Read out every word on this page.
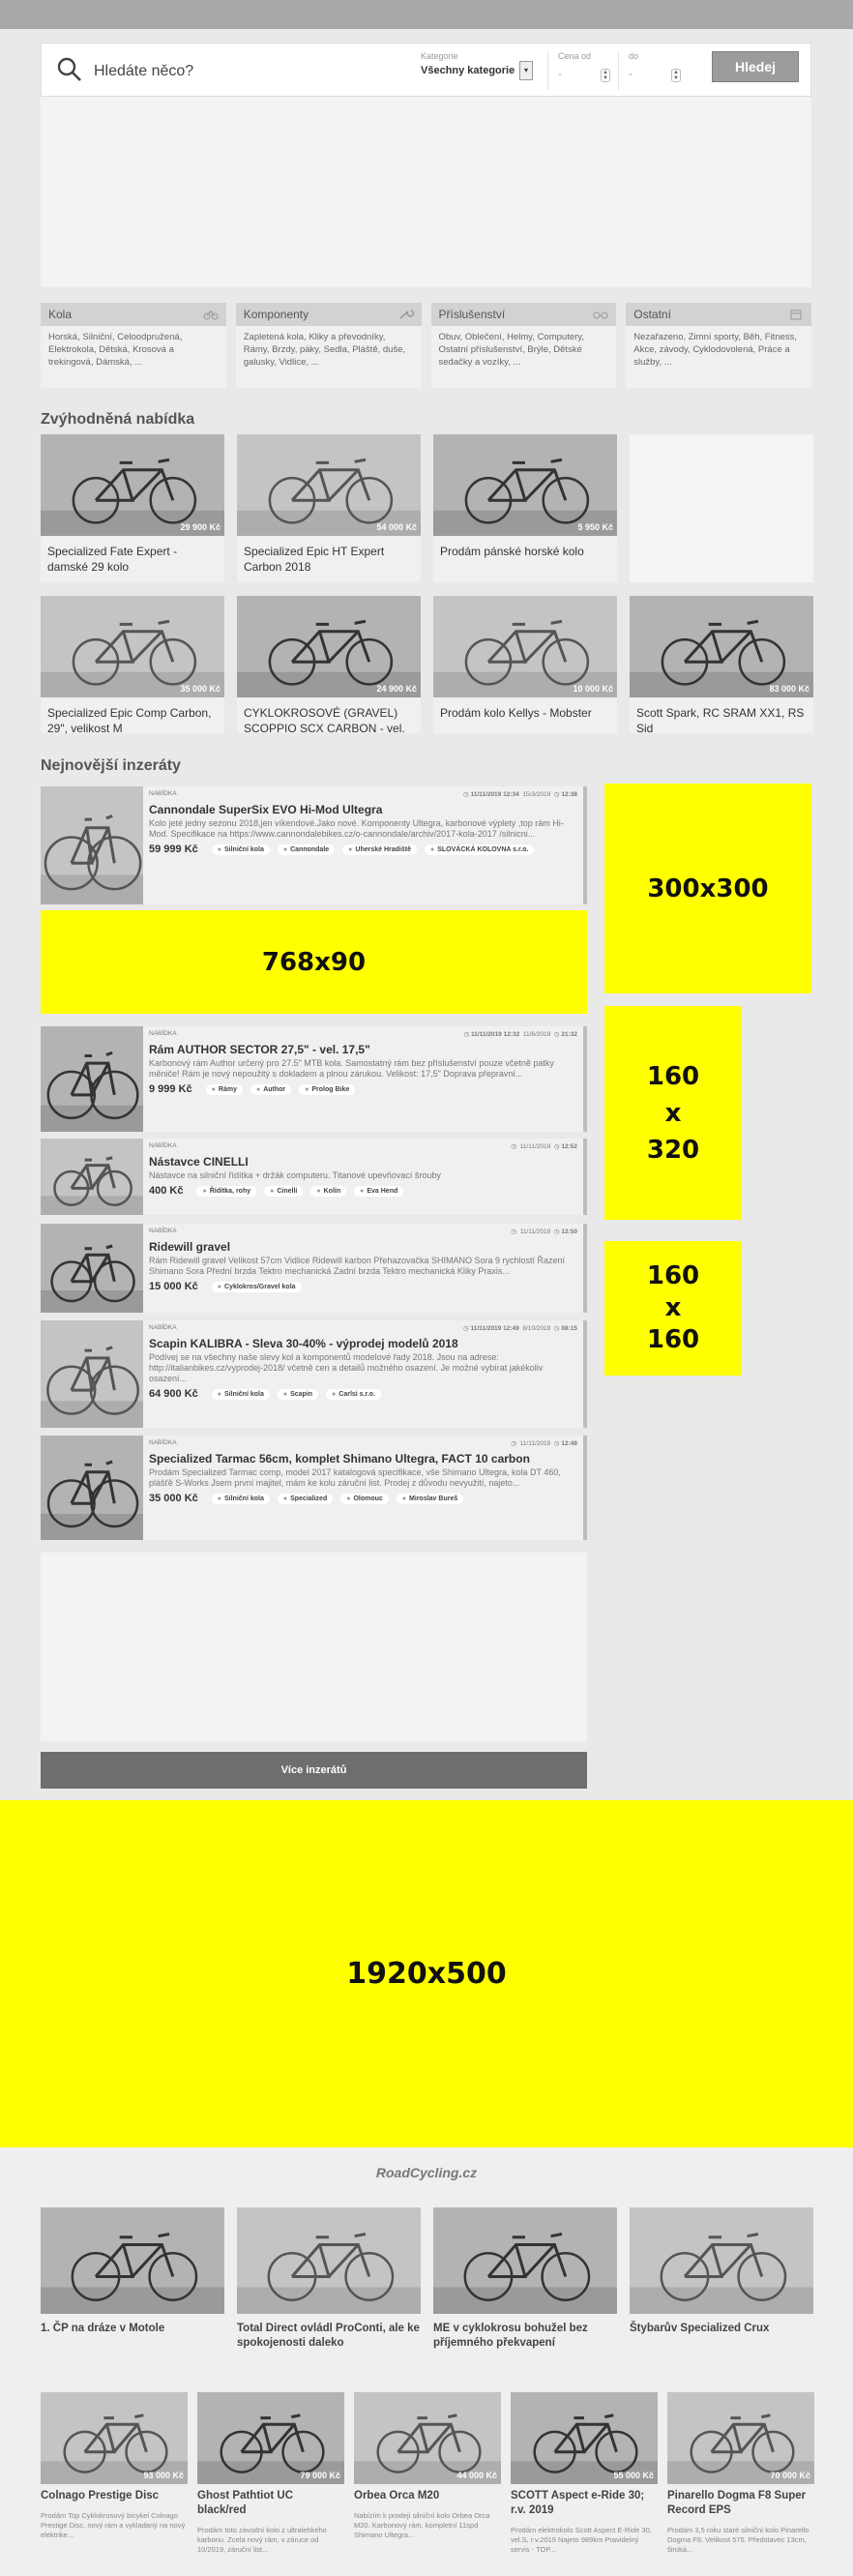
Hledáte něco?
Kategorie
Všechny kategorie	▾
Cena od
-	▲
▼
do
-	▲
▼
Hledej
Kola
Horská, Silniční, Celoodpružená, Elektrokola, Dětská, Krosová a trekingová, Dámská, ...
Komponenty
Zapletená kola, Kliky a převodníky, Rámy, Brzdy, páky, Sedla, Pláště, duše, galusky, Vidlice, ...
Příslušenství
Obuv, Oblečení, Helmy, Computery, Ostatní příslušenství, Brýle, Dětské sedačky a vozíky, ...
Ostatní
Nezařazeno, Zimní sporty, Běh, Fitness, Akce, závody, Cyklodovolená, Práce a služby, ...
Zvýhodněná nabídka
29 900 Kč
Specialized Fate Expert - damské 29 kolo
54 000 Kč
Specialized Epic HT Expert Carbon 2018
5 950 Kč
Prodám pánské horské kolo
35 000 Kč
Specialized Epic Comp Carbon, 29", velikost M
24 900 Kč
CYKLOKROSOVÉ (GRAVEL) SCOPPIO SCX CARBON - vel.
10 000 Kč
Prodám kolo Kellys - Mobster
83 000 Kč
Scott Spark, RC SRAM XX1, RS Sid
Nejnovější inzeráty
NABÍDKA	◷ 11/11/2019 12:34 15/3/2019 ◷ 12:38
Cannondale SuperSix EVO Hi-Mod Ultegra
Kolo jeté jedny sezonu 2018,jen víkendové.Jako nové. Komponenty Ultegra, karbonové výplety ,top rám Hi-Mod. Specifikace na https://www.cannondalebikes.cz/o-cannondale/archiv/2017-kola-2017 /silnicni...
59 999 Kč	● Silniční kola	● Cannondale	● Uherské Hradiště	● SLOVÁCKÁ KOLOVNA s.r.o.
NABÍDKA	◷ 11/11/2019 12:32 11/6/2019 ◷ 21:32
Rám AUTHOR SECTOR 27,5" - vel. 17,5"
Karbonový rám Author určený pro 27.5" MTB kola. Samostatný rám bez příslušenství pouze včetně patky měniče! Rám je nový nepoužitý s dokladem a plnou zárukou. Velikost: 17,5" Doprava přepravní...
9 999 Kč	● Rámy	● Author	● Prolog Bike
NABÍDKA	◷  11/11/2019 ◷ 12:52
Nástavce CINELLI
Nástavce na silniční řídítka + držák computeru. Titanové upevňovací šrouby
400 Kč	● Řídítka, rohy	● Cinelli	● Kolín	● Eva Hend
NABÍDKA	◷  11/11/2019 ◷ 12:50
Ridewill gravel
Rám Ridewill gravel Velikost 57cm Vidlice Ridewill karbon Přehazovačka SHIMANO Sora 9 rychlostí Řazení Shimano Sora Přední brzda Tektro mechanická Zadní brzda Tektro mechanická Kliky Praxis...
15 000 Kč	● Cyklokros/Gravel kola
NABÍDKA	◷ 11/11/2019 12:49 8/10/2019 ◷ 08:15
Scapin KALIBRA - Sleva 30-40% - výprodej modelů 2018
Podívej se na všechny naše slevy kol a komponentů modelové řady 2018. Jsou na adrese: http://italianbikes.cz/vyprodej-2018/ včetně cen a detailů možného osazení. Je možné vybírat jakékoliv osazení...
64 900 Kč	● Silniční kola	● Scapin	● Carlsi s.r.o.
NABÍDKA	◷  11/11/2019 ◷ 12:48
Specialized Tarmac 56cm, komplet Shimano Ultegra, FACT 10 carbon
Prodám Specialized Tarmac comp, model 2017 katalogová specifikace, vše Shimano Ultegra, kola DT 460, plášťě S-Works Jsem první majitel, mám ke kolu záruční list. Prodej z důvodu nevyužití, najeto...
35 000 Kč	● Silniční kola	● Specialized	● Olomouc	● Miroslav Bureš
768x90
300x300
160
x
320
160
x
160
Více inzerátů
1920x500
RoadCycling.cz
1. ČP na dráze v Motole	Total Direct ovládl ProConti, ale ke spokojenosti daleko
ME v cyklokrosu bohužel bez příjemného překvapení
Štybarův Specialized Crux
93 000 Kč
Colnago Prestige Disc
Prodám Top Cyklokrosový bicykel Colnago Prestige Disc, nový rám a vykladaný na nový elektrike...
79 000 Kč
Ghost Pathtiot UC black/red
Prodám toto závodní kolo z ultralehkého karbonu. Zcela nový rám, v záruce od 10/2019, záruční list...
44 000 Kč
Orbea Orca M20
Nabízím k prodeji silniční kolo Orbea Orca M20. Karbonový rám, kompletní 11spd Shimano Ultegra...
55 000 Kč
SCOTT Aspect e-Ride 30; r.v. 2019
Prodám elektrokolo Scott Aspect E-Ride 30, vel.S, r.v.2019 Najeto 989km Pravidelný servis - TOP...
70 000 Kč
Pinarello Dogma F8 Super Record EPS
Prodám 3,5 roku staré silniční kolo Pinarello Dogma F8. Velikost 575. Představec 13cm, široká...
